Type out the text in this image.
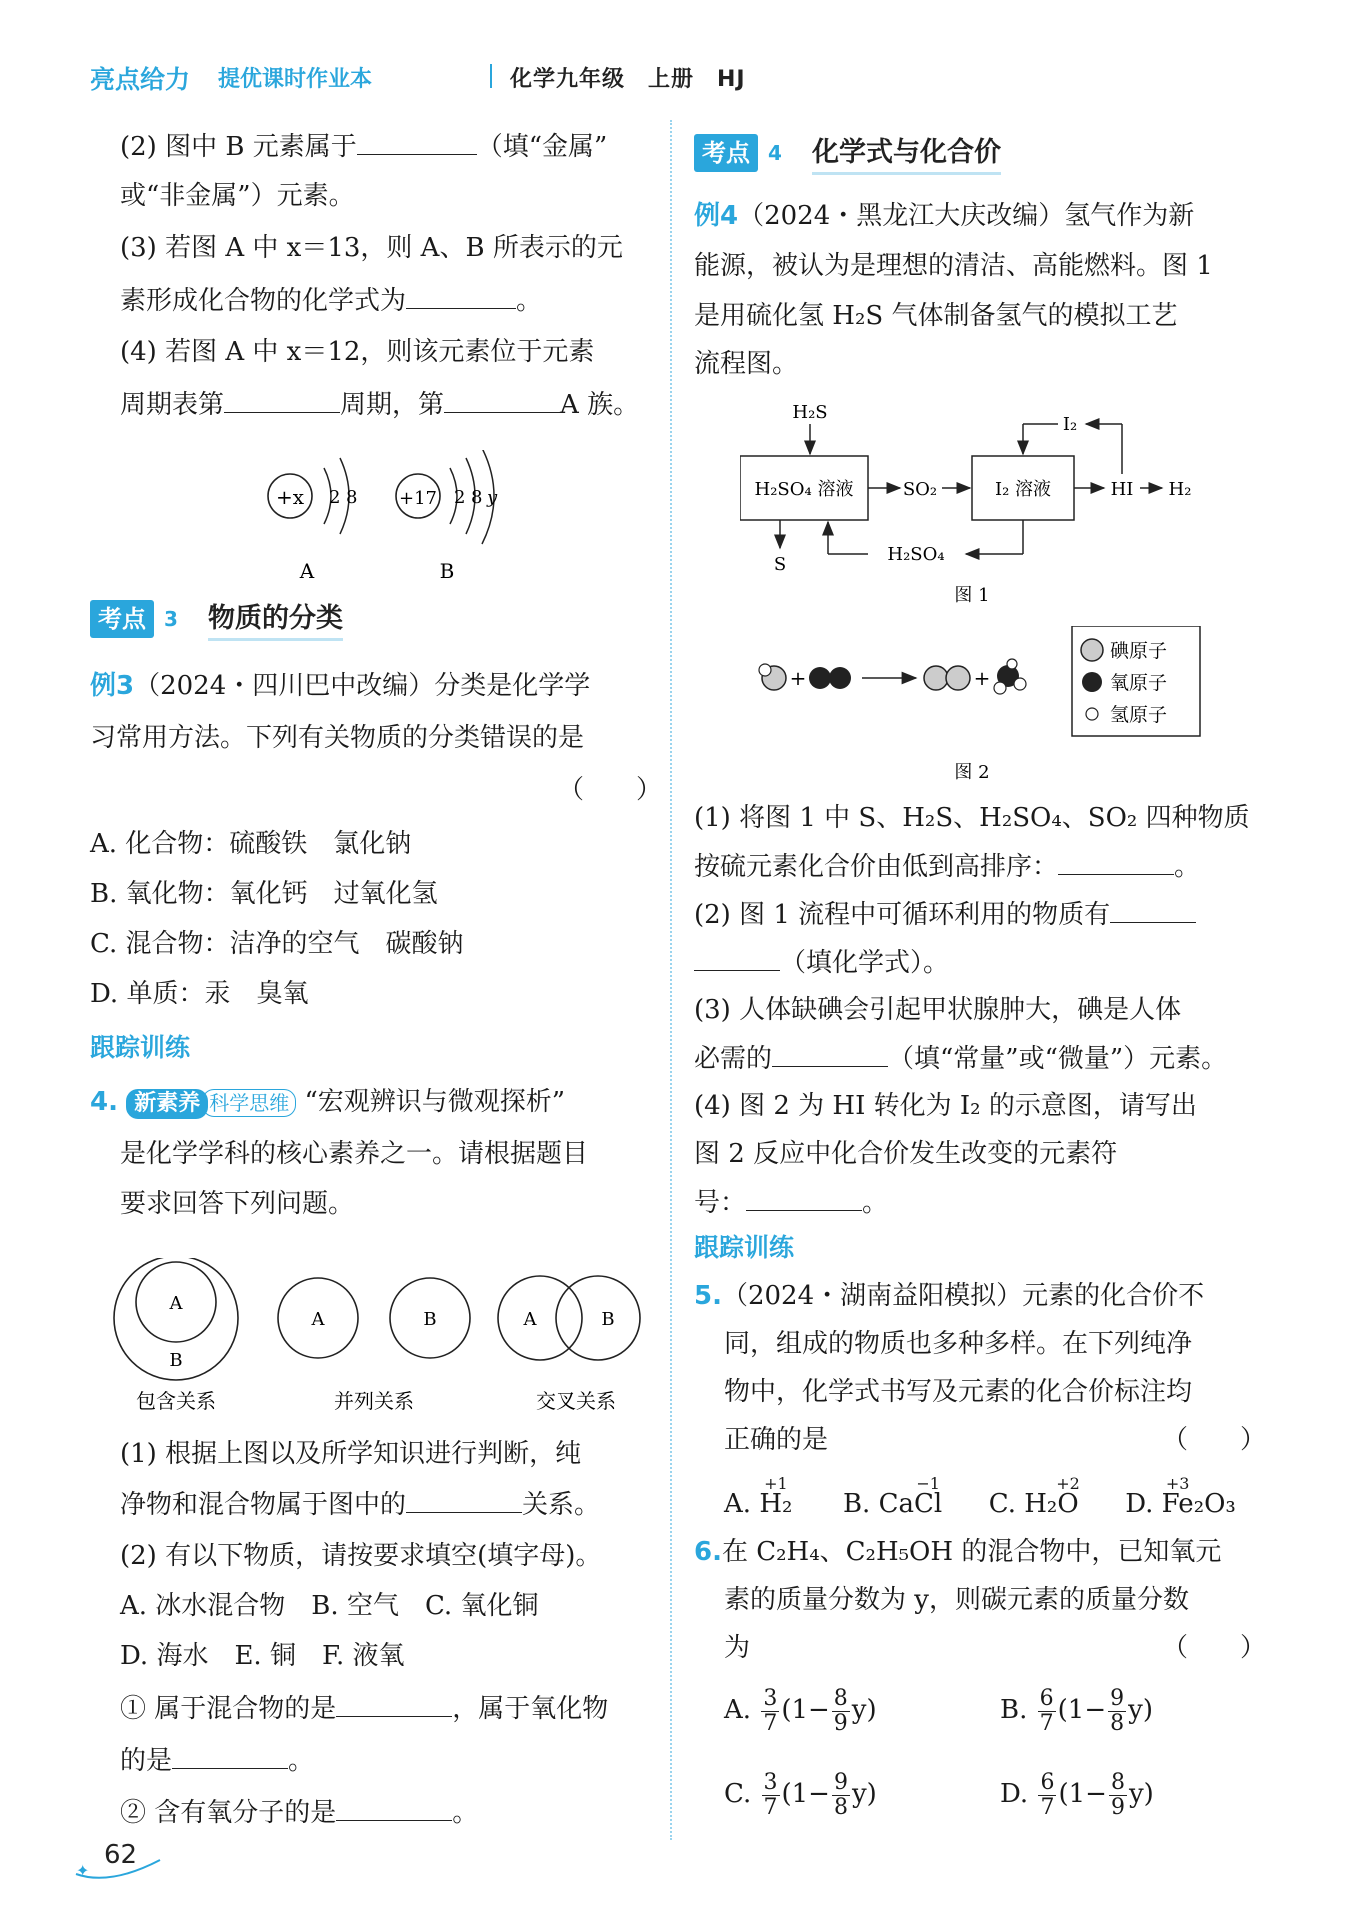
亮点给力 提优课时作业本	化学九年级　上册　HJ
(2) 图中 B 元素属于	（填“金属”
或“非金属”）元素。
(3) 若图 A 中 x＝13，则 A、B 所表示的元
素形成化合物的化学式为	。
(4) 若图 A 中 x＝12，则该元素位于元素
周期表第	周期，第	A 族。
+x 2 8
A
+17 2 8 y
B
考点 3 物质的分类
例3（2024・四川巴中改编）分类是化学学
习常用方法。下列有关物质的分类错误的是
（　　）
A. 化合物：硫酸铁　氯化钠
B. 氧化物：氧化钙　过氧化氢
C. 混合物：洁净的空气　碳酸钠
D. 单质：汞　臭氧
跟踪训练
4. 新素养 科学思维 “宏观辨识与微观探析”
是化学学科的核心素养之一。请根据题目
要求回答下列问题。
A
B
包含关系
A	B
并列关系
A	B
交叉关系
(1) 根据上图以及所学知识进行判断，纯
净物和混合物属于图中的	关系。
(2) 有以下物质，请按要求填空(填字母)。
A. 冰水混合物　B. 空气　C. 氧化铜
D. 海水　E. 铜　F. 液氧
① 属于混合物的是	，属于氧化物
的是	。
② 含有氧分子的是	。
考点 4 化学式与化合价
例4（2024・黑龙江大庆改编）氢气作为新
能源，被认为是理想的清洁、高能燃料。图 1
是用硫化氢 H₂S 气体制备氢气的模拟工艺
流程图。
H₂S
H₂SO₄ 溶液	SO₂	I₂ 溶液	HI H₂
I₂
S	H₂SO₄
图 1
+	+
碘原子
氧原子
氢原子
图 2
(1) 将图 1 中 S、H₂S、H₂SO₄、SO₂ 四种物质
按硫元素化合价由低到高排序：	。
(2) 图 1 流程中可循环利用的物质有
（填化学式）。
(3) 人体缺碘会引起甲状腺肿大，碘是人体
必需的	（填“常量”或“微量”）元素。
(4) 图 2 为 HI 转化为 I₂ 的示意图，请写出
图 2 反应中化合价发生改变的元素符
号：	。
跟踪训练
5.（2024・湖南益阳模拟）元素的化合价不
同，组成的物质也多种多样。在下列纯净
物中，化学式书写及元素的化合价标注均
正确的是	（　　）
A.
+1
H₂ B. Ca
−1
Cl C. H₂
+2
O D.
+3
Fe₂O₃
6.在 C₂H₄、C₂H₅OH 的混合物中，已知氧元
素的质量分数为 y，则碳元素的质量分数
为	（　　）
A. $\frac{3}{7} (1- \frac{8}{9} y)$	B. $\frac{6}{7} (1- \frac{9}{8} y)$
C. $\frac{3}{7} (1- \frac{9}{8} y)$	D. $\frac{6}{7} (1- \frac{8}{9} y)$
✦
62
